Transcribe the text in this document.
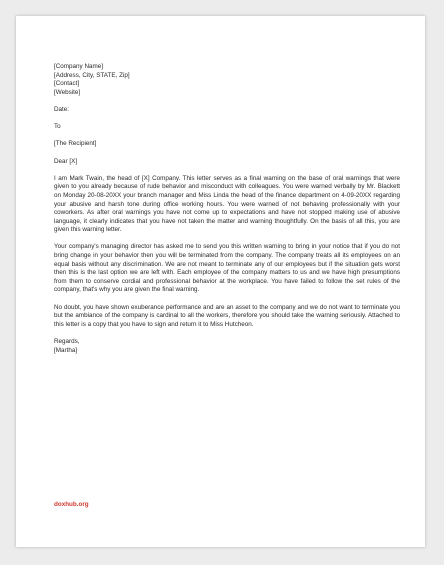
[Company Name]
[Address, City, STATE, Zip]
[Contact]
[Website]
Date:
To
[The Recipient]
Dear [X]

I am Mark Twain, the head of [X] Company. This letter serves as a final warning on the base of oral warnings that were given to you already because of rude behavior and misconduct with colleagues. You were warned verbally by Mr. Blackett on Monday 20-08-20XX your branch manager and Miss Linda the head of the finance department on 4-09-20XX regarding your abusive and harsh tone during office working hours. You were warned of not behaving professionally with your coworkers. As after oral warnings you have not come up to expectations and have not stopped making use of abusive language, it clearly indicates that you have not taken the matter and warning thoughtfully. On the basis of all this, you are given this warning letter.

Your company's managing director has asked me to send you this written warning to bring in your notice that if you do not bring change in your behavior then you will be terminated from the company. The company treats all its employees on an equal basis without any discrimination. We are not meant to terminate any of our employees but if the situation gets worst then this is the last option we are left with. Each employee of the company matters to us and we have high presumptions from them to conserve cordial and professional behavior at the workplace. You have failed to follow the set rules of the company, that's why you are given the final warning.

No doubt, you have shown exuberance performance and are an asset to the company and we do not want to terminate you but the ambiance of the company is cardinal to all the workers, therefore you should take the warning seriously. Attached to this letter is a copy that you have to sign and return it to Miss Hutcheon.

Regards,
[Martha]
doxhub.org
